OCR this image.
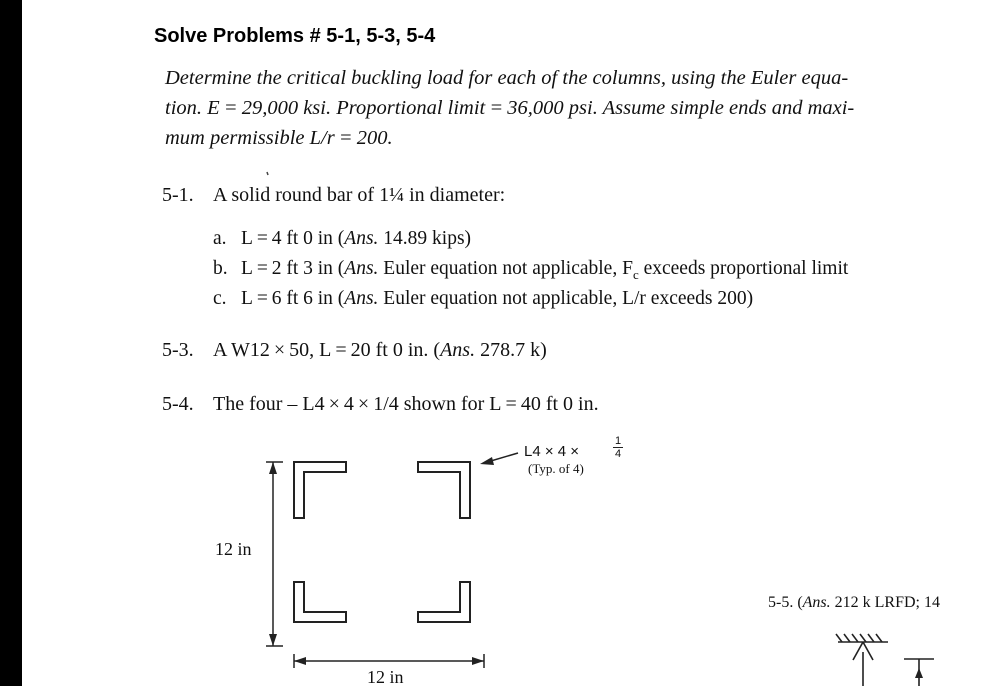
Solve Problems # 5-1, 5-3, 5-4
Determine the critical buckling load for each of the columns, using the Euler equa-
tion. E = 29,000 ksi. Proportional limit = 36,000 psi. Assume simple ends and maxi-
mum permissible L/r = 200.
5-1. A solid round bar of 1¼ in diameter:
a. L = 4 ft 0 in (Ans. 14.89 kips)
b. L = 2 ft 3 in (Ans. Euler equation not applicable, $F_c$ exceeds proportional limit
c. L = 6 ft 6 in (Ans. Euler equation not applicable, L/r exceeds 200)
5-3. A W12 × 50, L = 20 ft 0 in. (Ans. 278.7 k)
5-4. The four – L4 × 4 × 1/4 shown for L = 40 ft 0 in.
L4 × 4 ×	$\frac{1}{4}$
(Typ. of 4)
12 in
12 in
5-5. (Ans. 212 k LRFD; 14
